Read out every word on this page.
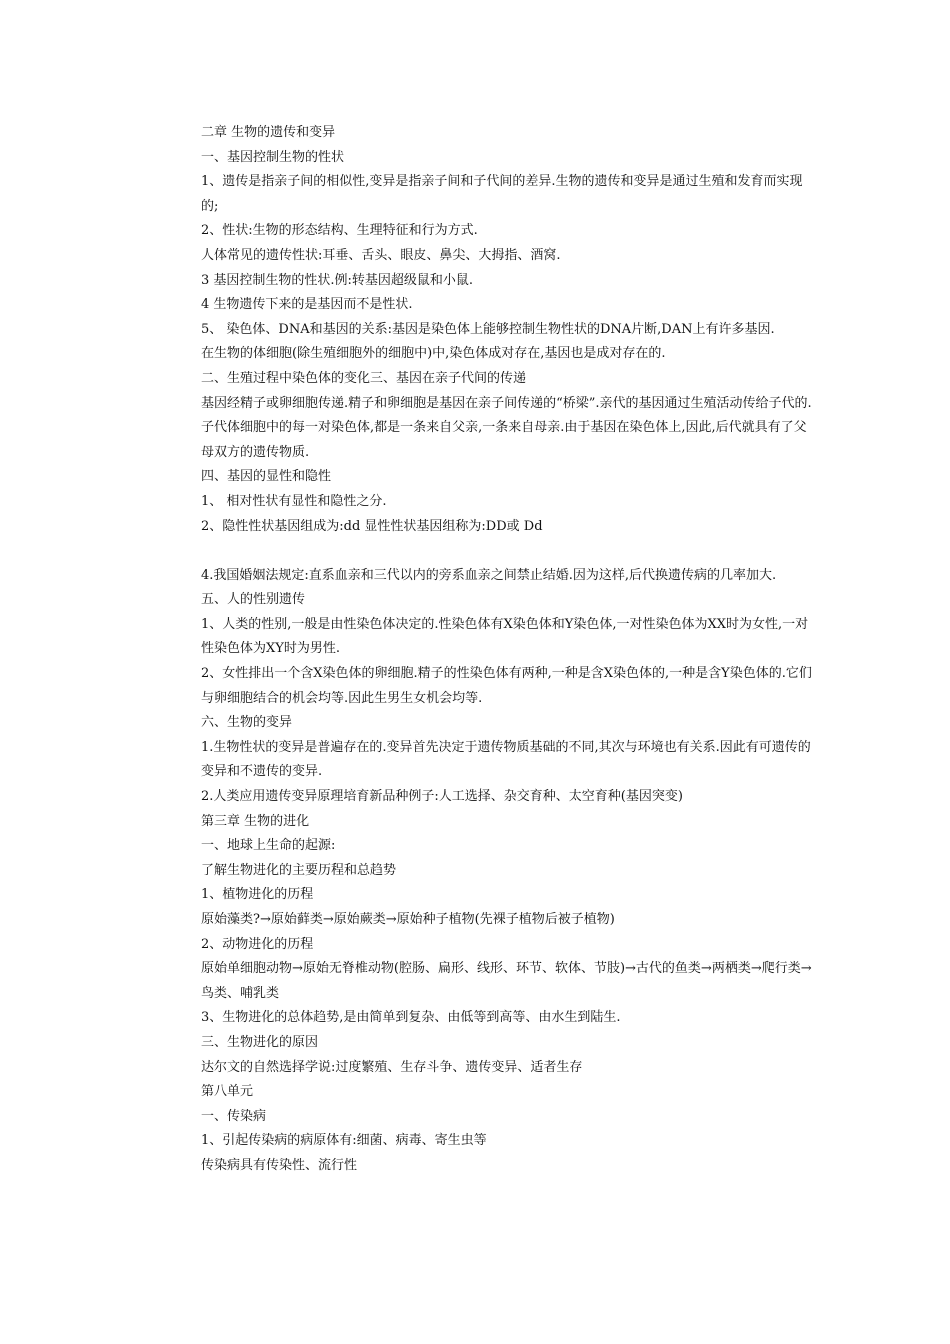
二章 生物的遗传和变异

一、基因控制生物的性状

1、遗传是指亲子间的相似性,变异是指亲子间和子代间的差异.生物的遗传和变异是通过生殖和发育而实现的;

2、性状:生物的形态结构、生理特征和行为方式.

人体常见的遗传性状:耳垂、舌头、眼皮、鼻尖、大拇指、酒窝.

3 基因控制生物的性状.例:转基因超级鼠和小鼠.

4 生物遗传下来的是基因而不是性状.

5、 染色体、DNA和基因的关系:基因是染色体上能够控制生物性状的DNA片断,DAN上有许多基因.

在生物的体细胞(除生殖细胞外的细胞中)中,染色体成对存在,基因也是成对存在的.

二、生殖过程中染色体的变化三、基因在亲子代间的传递

基因经精子或卵细胞传递.精子和卵细胞是基因在亲子间传递的“桥梁”.亲代的基因通过生殖活动传给子代的.子代体细胞中的每一对染色体,都是一条来自父亲,一条来自母亲.由于基因在染色体上,因此,后代就具有了父母双方的遗传物质.

四、基因的显性和隐性

1、 相对性状有显性和隐性之分.

2、隐性性状基因组成为:dd 显性性状基因组称为:DD或 Dd

4.我国婚姻法规定:直系血亲和三代以内的旁系血亲之间禁止结婚.因为这样,后代换遗传病的几率加大.

五、人的性别遗传

1、人类的性别,一般是由性染色体决定的.性染色体有X染色体和Y染色体,一对性染色体为XX时为女性,一对性染色体为XY时为男性.

2、女性排出一个含X染色体的卵细胞.精子的性染色体有两种,一种是含X染色体的,一种是含Y染色体的.它们与卵细胞结合的机会均等.因此生男生女机会均等.

六、生物的变异

1.生物性状的变异是普遍存在的.变异首先决定于遗传物质基础的不同,其次与环境也有关系.因此有可遗传的变异和不遗传的变异.

2.人类应用遗传变异原理培育新品种例子:人工选择、杂交育种、太空育种(基因突变)

第三章 生物的进化

一、地球上生命的起源:

了解生物进化的主要历程和总趋势

1、植物进化的历程

原始藻类?→原始藓类→原始蕨类→原始种子植物(先裸子植物后被子植物)

2、动物进化的历程

原始单细胞动物→原始无脊椎动物(腔肠、扁形、线形、环节、软体、节肢)→古代的鱼类→两栖类→爬行类→鸟类、哺乳类

3、生物进化的总体趋势,是由简单到复杂、由低等到高等、由水生到陆生.

三、生物进化的原因

达尔文的自然选择学说:过度繁殖、生存斗争、遗传变异、适者生存

第八单元

一、传染病

1、引起传染病的病原体有:细菌、病毒、寄生虫等

传染病具有传染性、流行性
